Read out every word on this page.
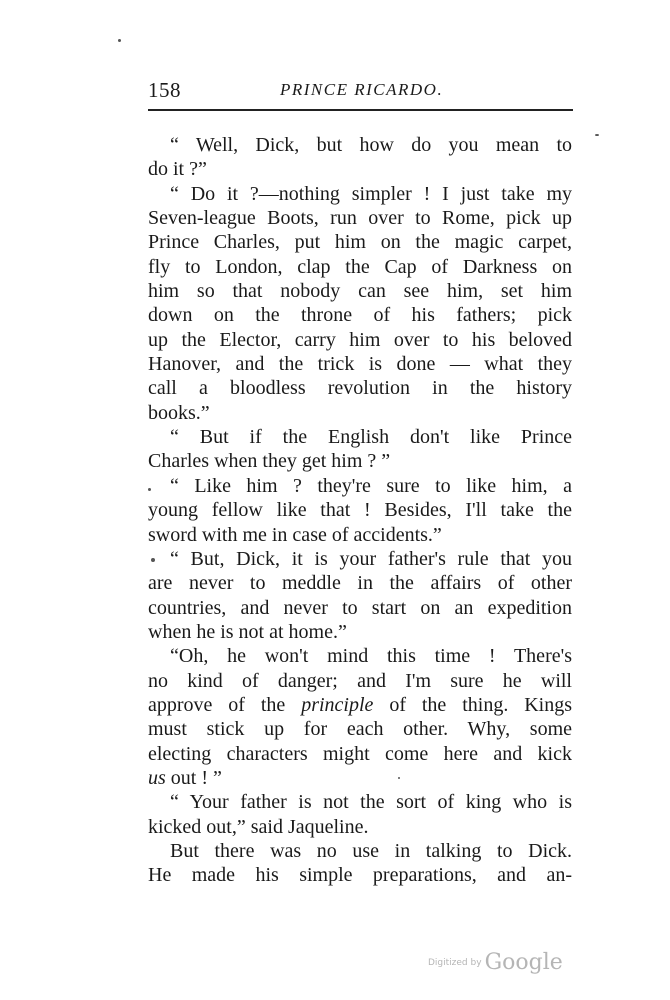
158	PRINCE RICARDO.
“ Well, Dick, but how do you mean to
do it ?”
“ Do it ?—nothing simpler ! I just take my
Seven-league Boots, run over to Rome, pick up
Prince Charles, put him on the magic carpet,
fly to London, clap the Cap of Darkness on
him so that nobody can see him, set him
down on the throne of his fathers; pick
up the Elector, carry him over to his beloved
Hanover, and the trick is done — what they
call a bloodless revolution in the history
books.”
“ But if the English don't like Prince
Charles when they get him ? ”
“ Like him ? they're sure to like him, a
young fellow like that ! Besides, I'll take the
sword with me in case of accidents.”
“ But, Dick, it is your father's rule that you
are never to meddle in the affairs of other
countries, and never to start on an expedition
when he is not at home.”
“Oh, he won't mind this time ! There's
no kind of danger; and I'm sure he will
approve of the principle of the thing. Kings
must stick up for each other. Why, some
electing characters might come here and kick
us out ! ”
“ Your father is not the sort of king who is
kicked out,” said Jaqueline.
But there was no use in talking to Dick.
He made his simple preparations, and an-
$^{Digitized by}$ Google
